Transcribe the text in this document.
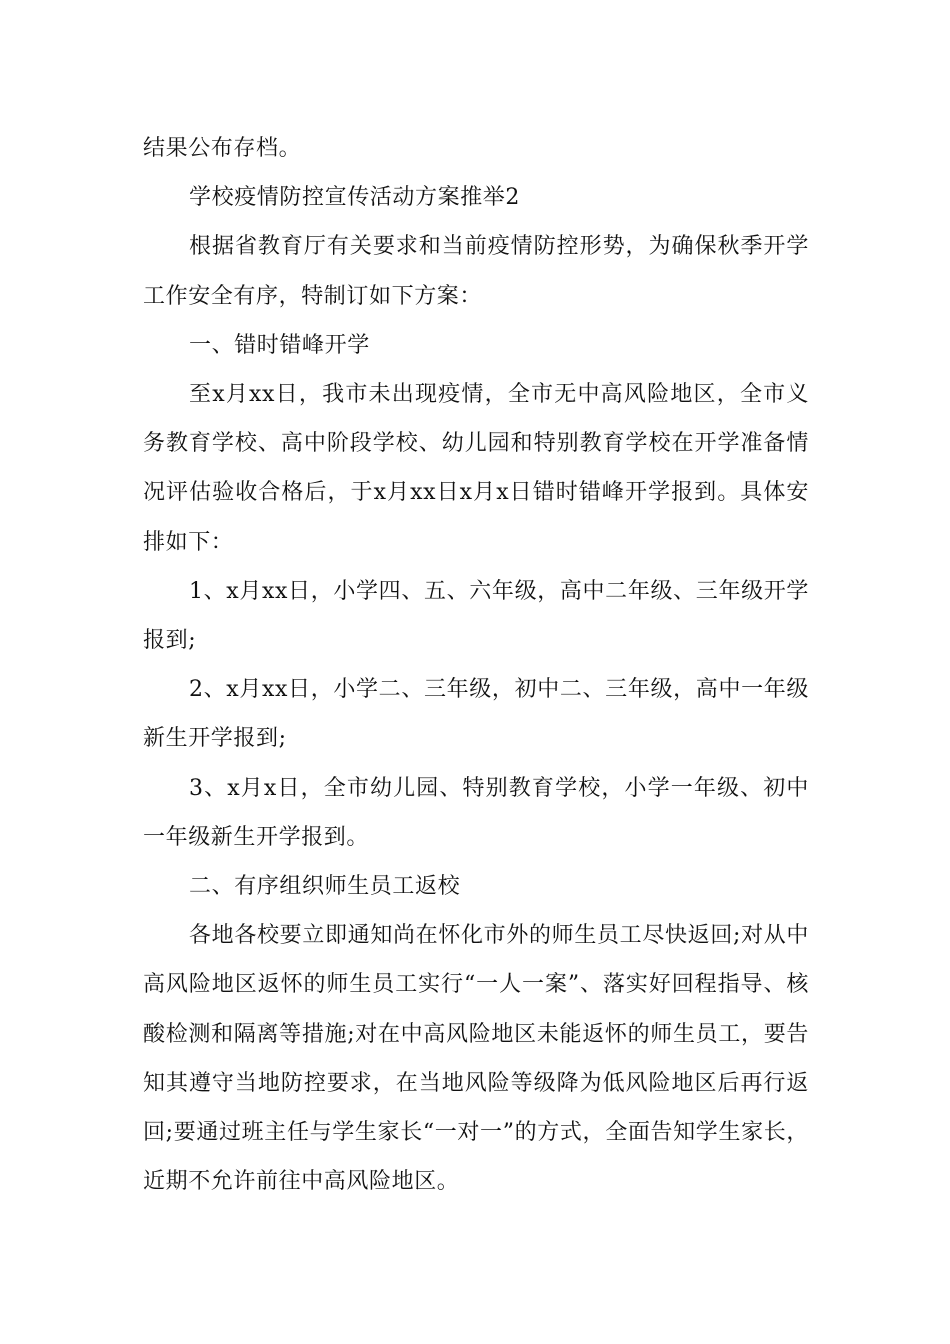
结果公布存档。

学校疫情防控宣传活动方案推举2

根据省教育厅有关要求和当前疫情防控形势，为确保秋季开学工作安全有序，特制订如下方案：

一、错时错峰开学

至x月xx日，我市未出现疫情，全市无中高风险地区，全市义务教育学校、高中阶段学校、幼儿园和特别教育学校在开学准备情况评估验收合格后，于x月xx日x月x日错时错峰开学报到。具体安排如下：

1、x月xx日，小学四、五、六年级，高中二年级、三年级开学报到;

2、x月xx日，小学二、三年级，初中二、三年级，高中一年级新生开学报到;

3、x月x日，全市幼儿园、特别教育学校，小学一年级、初中一年级新生开学报到。

二、有序组织师生员工返校

各地各校要立即通知尚在怀化市外的师生员工尽快返回;对从中高风险地区返怀的师生员工实行“一人一案”、落实好回程指导、核酸检测和隔离等措施;对在中高风险地区未能返怀的师生员工，要告知其遵守当地防控要求，在当地风险等级降为低风险地区后再行返回;要通过班主任与学生家长“一对一”的方式，全面告知学生家长，近期不允许前往中高风险地区。
